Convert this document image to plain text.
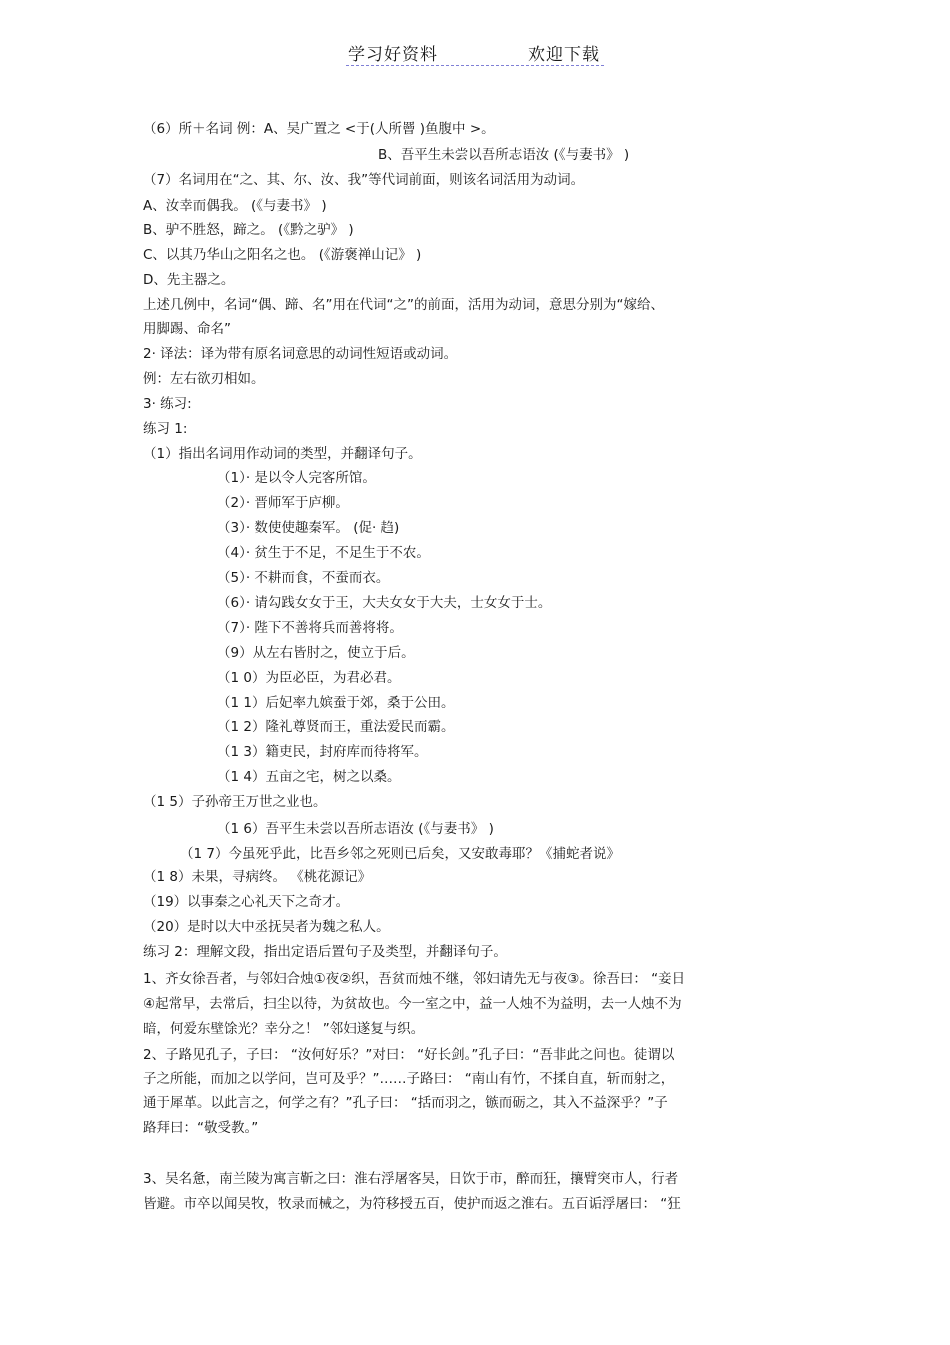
学习好资料	欢迎下载
（6）所＋名词 例：A、吴广置之 <于(人所罾 )鱼腹中 >。
B、吾平生未尝以吾所志语汝 (《与妻书》 )
（7）名词用在“之、其、尔、汝、我”等代词前面，则该名词活用为动词。
A、汝幸而偶我。 (《与妻书》 )
B、驴不胜怒，蹄之。 (《黔之驴》 )
C、以其乃华山之阳名之也。 (《游褒禅山记》 )
D、先主器之。
上述几例中，名词“偶、蹄、名”用在代词“之”的前面，活用为动词，意思分别为“嫁给、
用脚踢、命名”
2· 译法：译为带有原名词意思的动词性短语或动词。
例：左右欲刃相如。
3· 练习:
练习 1:
（1）指出名词用作动词的类型，并翻译句子。
（1）· 是以令人完客所馆。
（2）· 晋师军于庐柳。
（3）· 数使使趣秦军。 (促· 趋)
（4）· 贫生于不足，不足生于不农。
（5）· 不耕而食，不蚕而衣。
（6）· 请勾践女女于王，大夫女女于大夫，士女女于士。
（7）· 陛下不善将兵而善将将。
（9）从左右皆肘之，使立于后。
（1 0）为臣必臣，为君必君。
（1 1）后妃率九嫔蚕于郊，桑于公田。
（1 2）隆礼尊贤而王，重法爱民而霸。
（1 3）籍吏民，封府库而待将军。
（1 4）五亩之宅，树之以桑。
（1 5）子孙帝王万世之业也。
（1 6）吾平生未尝以吾所志语汝 (《与妻书》 )
（1 7）今虽死乎此，比吾乡邻之死则已后矣，又安敢毒耶？《捕蛇者说》
（1 8）未果，寻病终。 《桃花源记》
（19）以事秦之心礼天下之奇才。
（20）是时以大中丞抚吴者为魏之私人。
练习 2：理解文段，指出定语后置句子及类型，并翻译句子。
1、齐女徐吾者，与邻妇合烛①夜②织，吾贫而烛不继，邻妇请先无与夜③。徐吾曰： “妾日
④起常早，去常后，扫尘以待，为贫故也。今一室之中，益一人烛不为益明，去一人烛不为
暗，何爱东壁馀光？幸分之！ ”邻妇遂复与织。
2、子路见孔子，子曰： “汝何好乐？”对曰： “好长剑。”孔子曰：“吾非此之问也。徒谓以
子之所能，而加之以学问，岂可及乎？”……子路曰： “南山有竹，不揉自直，斩而射之，
通于犀革。以此言之，何学之有？”孔子曰： “括而羽之，镞而砺之，其入不益深乎？”子
路拜曰：“敬受教。”
3、吴名惫，南兰陵为寓言靳之曰：淮右浮屠客吴，日饮于市，醉而狂，攘臂突市人，行者
皆避。市卒以闻吴牧，牧录而械之，为符移授五百，使护而返之淮右。五百诟浮屠曰： “狂
